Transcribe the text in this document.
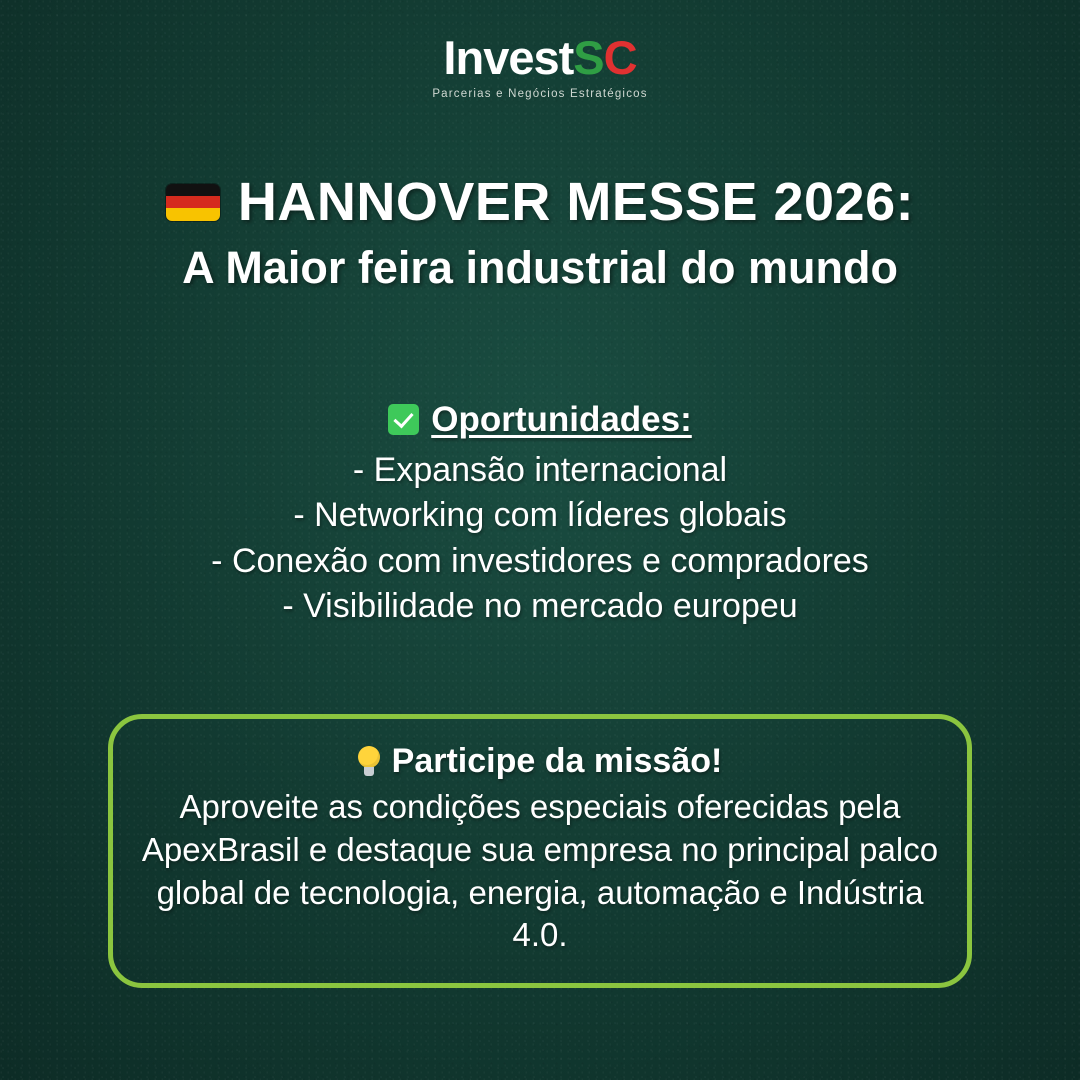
InvestSC
Parcerias e Negócios Estratégicos
HANNOVER MESSE 2026:
A Maior feira industrial do mundo
Oportunidades:
- Expansão internacional
- Networking com líderes globais
- Conexão com investidores e compradores
- Visibilidade no mercado europeu
Participe da missão!
Aproveite as condições especiais oferecidas pela ApexBrasil e destaque sua empresa no principal palco global de tecnologia, energia, automação e Indústria 4.0.
